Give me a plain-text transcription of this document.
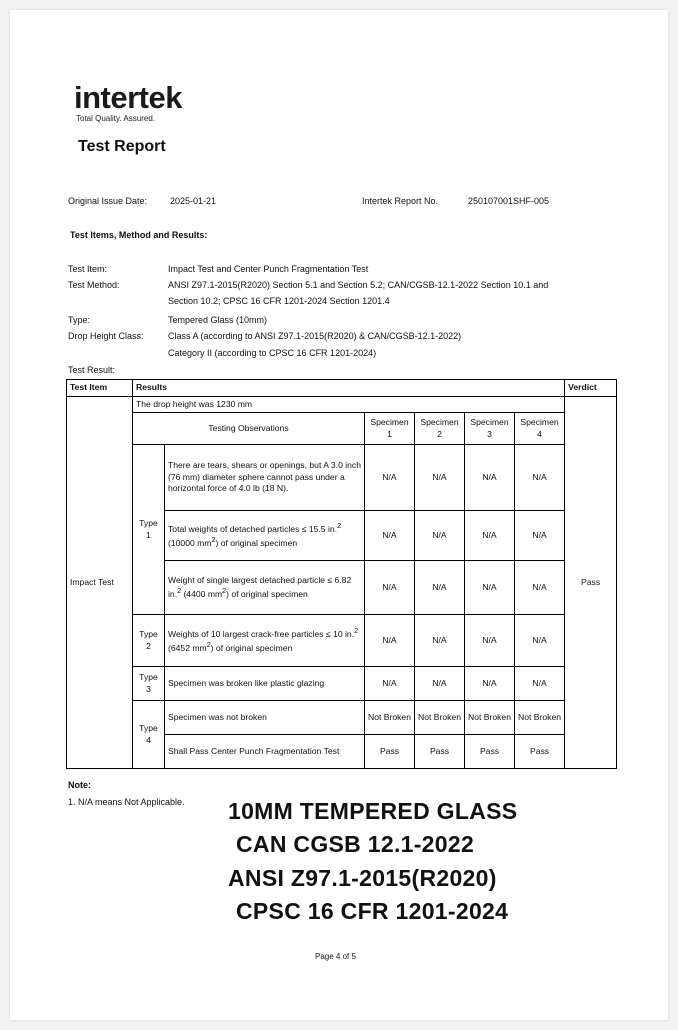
intertek
Total Quality. Assured.
Test Report
Original Issue Date:	2025-01-21	Intertek Report No.	250107001SHF-005
Test Items, Method and Results:
Test Item:	Impact Test and Center Punch Fragmentation Test
Test Method:	ANSI Z97.1-2015(R2020) Section 5.1 and Section 5.2; CAN/CGSB-12.1-2022 Section 10.1 and
Section 10.2; CPSC 16 CFR 1201-2024 Section 1201.4
Type:	Tempered Glass (10mm)
Drop Height Class:	Class A (according to ANSI Z97.1-2015(R2020) & CAN/CGSB-12.1-2022)
Category II (according to CPSC 16 CFR 1201-2024)
Test Result:
Test Item	Results						Verdict
Impact Test	The drop height was 1230 mm						Pass
	Testing Observations		Specimen 1	Specimen 2	Specimen 3	Specimen 4	
	Type 1	There are tears, shears or openings, but A 3.0 inch (76 mm) diameter sphere cannot pass under a horizontal force of 4.0 lb (18 N).	N/A	N/A	N/A	N/A	
		Total weights of detached particles ≤ 15.5 in.$^2$ (10000 $mm^2$) of original specimen	N/A	N/A	N/A	N/A	
		Weight of single largest detached particle ≤ 6.82 in.$^2$ (4400 $mm^2$) of original specimen	N/A	N/A	N/A	N/A	
	Type 2	Weights of 10 largest crack-free particles ≤ 10 in.$^2$ (6452 $mm^2$) of original specimen	N/A	N/A	N/A	N/A	
	Type 3	Specimen was broken like plastic glazing	N/A	N/A	N/A	N/A	
	Type 4	Specimen was not broken	Not Broken	Not Broken	Not Broken	Not Broken	
		Shall Pass Center Punch Fragmentation Test	Pass	Pass	Pass	Pass	
Note:
1. N/A means Not Applicable. 10MM TEMPERED GLASS
CAN CGSB 12.1-2022
ANSI Z97.1-2015(R2020)
CPSC 16 CFR 1201-2024
Page 4 of 5
